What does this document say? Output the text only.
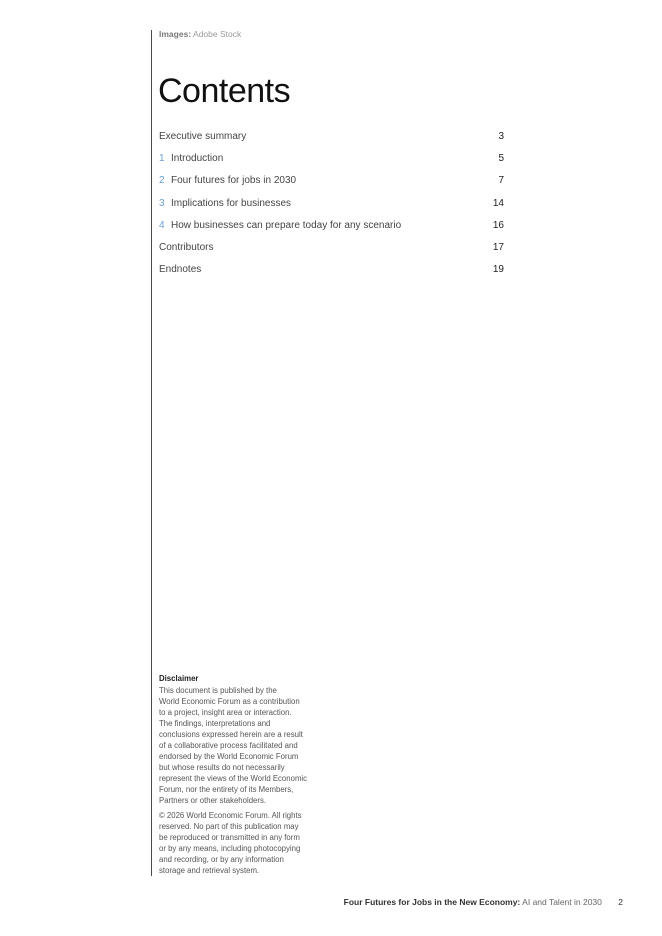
Images: Adobe Stock
Contents
Executive summary	3
1 Introduction	5
2 Four futures for jobs in 2030	7
3 Implications for businesses	14
4 How businesses can prepare today for any scenario	16
Contributors	17
Endnotes	19
Disclaimer
This document is published by the
World Economic Forum as a contribution
to a project, insight area or interaction.
The findings, interpretations and
conclusions expressed herein are a result
of a collaborative process facilitated and
endorsed by the World Economic Forum
but whose results do not necessarily
represent the views of the World Economic
Forum, nor the entirety of its Members,
Partners or other stakeholders.
© 2026 World Economic Forum. All rights
reserved. No part of this publication may
be reproduced or transmitted in any form
or by any means, including photocopying
and recording, or by any information
storage and retrieval system.
Four Futures for Jobs in the New Economy: AI and Talent in 2030 2
